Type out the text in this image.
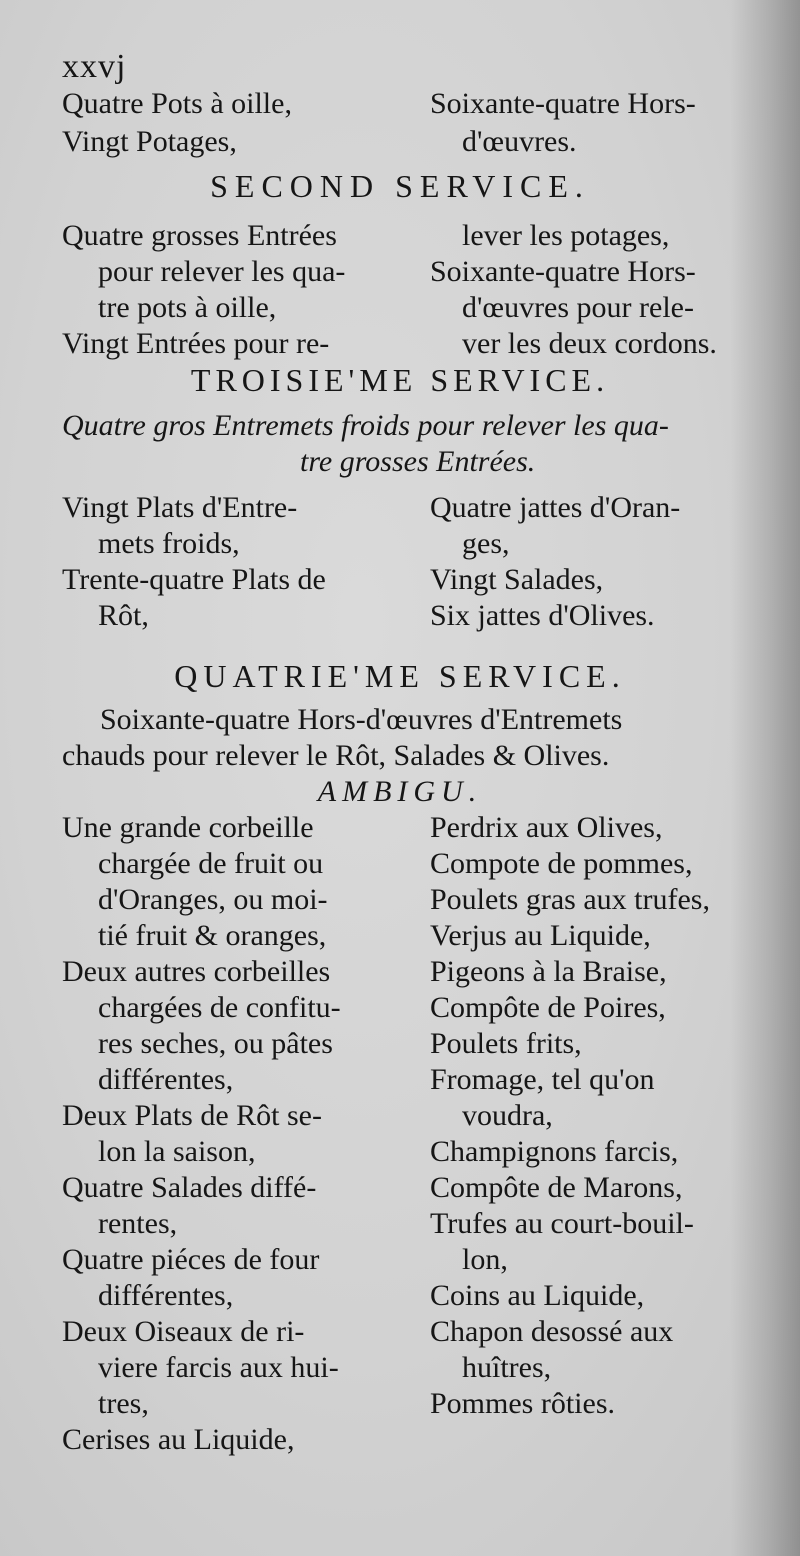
xxvj
Quatre Pots à oille,
Vingt Potages,
Soixante-quatre Hors-
d'œuvres.
SECOND SERVICE.
Quatre grosses Entrées
pour relever les qua-
tre pots à oille,
Vingt Entrées pour re-
lever les potages,
Soixante-quatre Hors-
d'œuvres pour rele-
ver les deux cordons.
TROISIE'ME SERVICE.
Quatre gros Entremets froids pour relever les qua-
tre grosses Entrées.
Vingt Plats d'Entre-
mets froids,
Trente-quatre Plats de
Rôt,
Quatre jattes d'Oran-
ges,
Vingt Salades,
Six jattes d'Olives.
QUATRIE'ME SERVICE.
Soixante-quatre Hors-d'œuvres d'Entremets
chauds pour relever le Rôt, Salades & Olives.
AMBIGU.
Une grande corbeille
chargée de fruit ou
d'Oranges, ou moi-
tié fruit & oranges,
Deux autres corbeilles
chargées de confitu-
res seches, ou pâtes
différentes,
Deux Plats de Rôt se-
lon la saison,
Quatre Salades diffé-
rentes,
Quatre piéces de four
différentes,
Deux Oiseaux de ri-
viere farcis aux hui-
tres,
Cerises au Liquide,
Perdrix aux Olives,
Compote de pommes,
Poulets gras aux trufes,
Verjus au Liquide,
Pigeons à la Braise,
Compôte de Poires,
Poulets frits,
Fromage, tel qu'on
voudra,
Champignons farcis,
Compôte de Marons,
Trufes au court-bouil-
lon,
Coins au Liquide,
Chapon desossé aux
huîtres,
Pommes rôties.
